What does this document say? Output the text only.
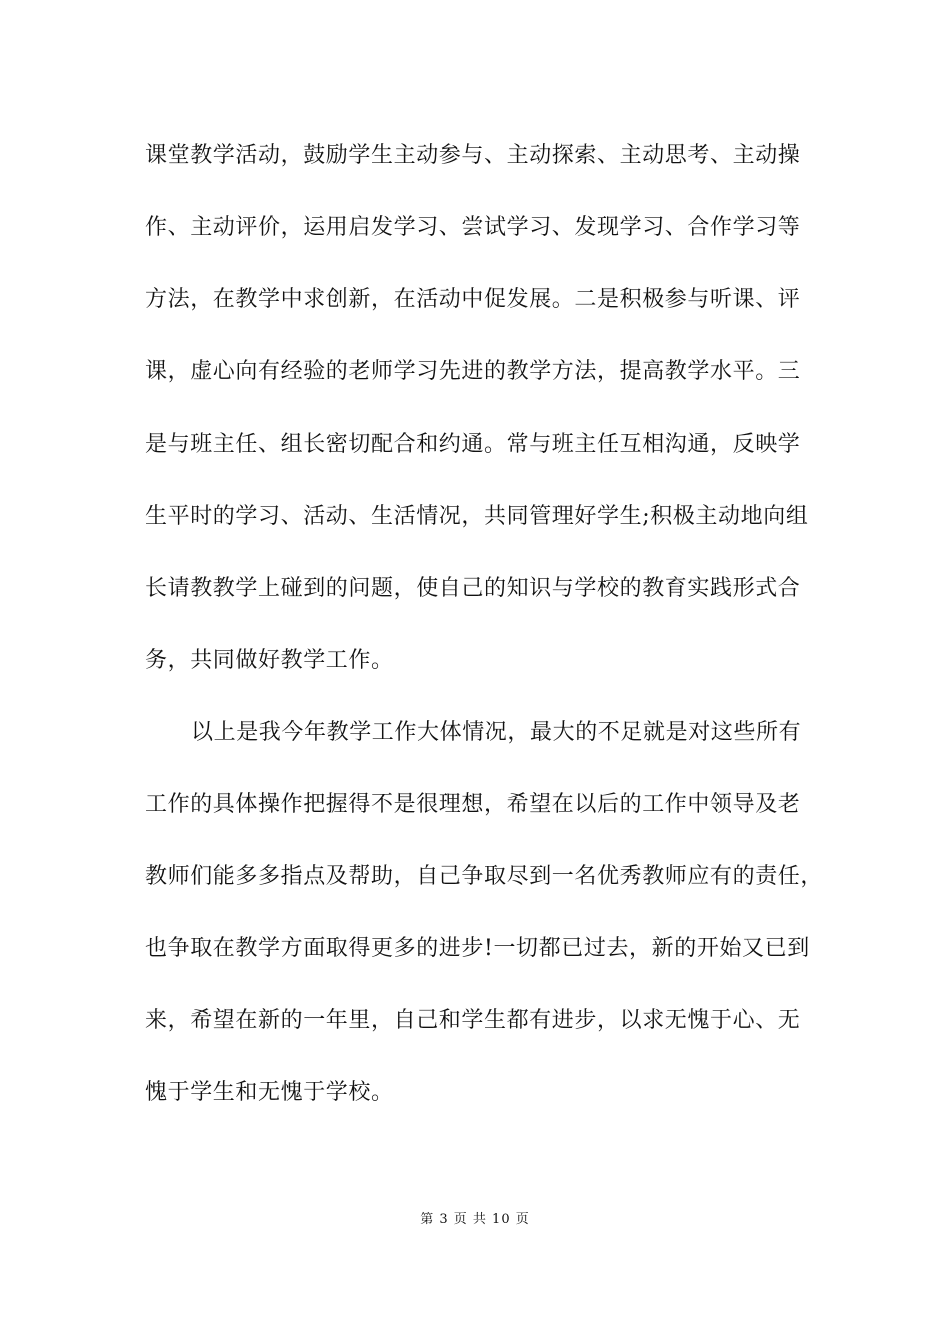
课堂教学活动，鼓励学生主动参与、主动探索、主动思考、主动操
作、主动评价，运用启发学习、尝试学习、发现学习、合作学习等
方法，在教学中求创新，在活动中促发展。二是积极参与听课、评
课，虚心向有经验的老师学习先进的教学方法，提高教学水平。三
是与班主任、组长密切配合和约通。常与班主任互相沟通，反映学
生平时的学习、活动、生活情况，共同管理好学生;积极主动地向组
长请教教学上碰到的问题，使自己的知识与学校的教育实践形式合
务，共同做好教学工作。
以上是我今年教学工作大体情况，最大的不足就是对这些所有
工作的具体操作把握得不是很理想，希望在以后的工作中领导及老
教师们能多多指点及帮助，自己争取尽到一名优秀教师应有的责任，
也争取在教学方面取得更多的进步!一切都已过去，新的开始又已到
来，希望在新的一年里，自己和学生都有进步，以求无愧于心、无
愧于学生和无愧于学校。
第 3 页 共 10 页
